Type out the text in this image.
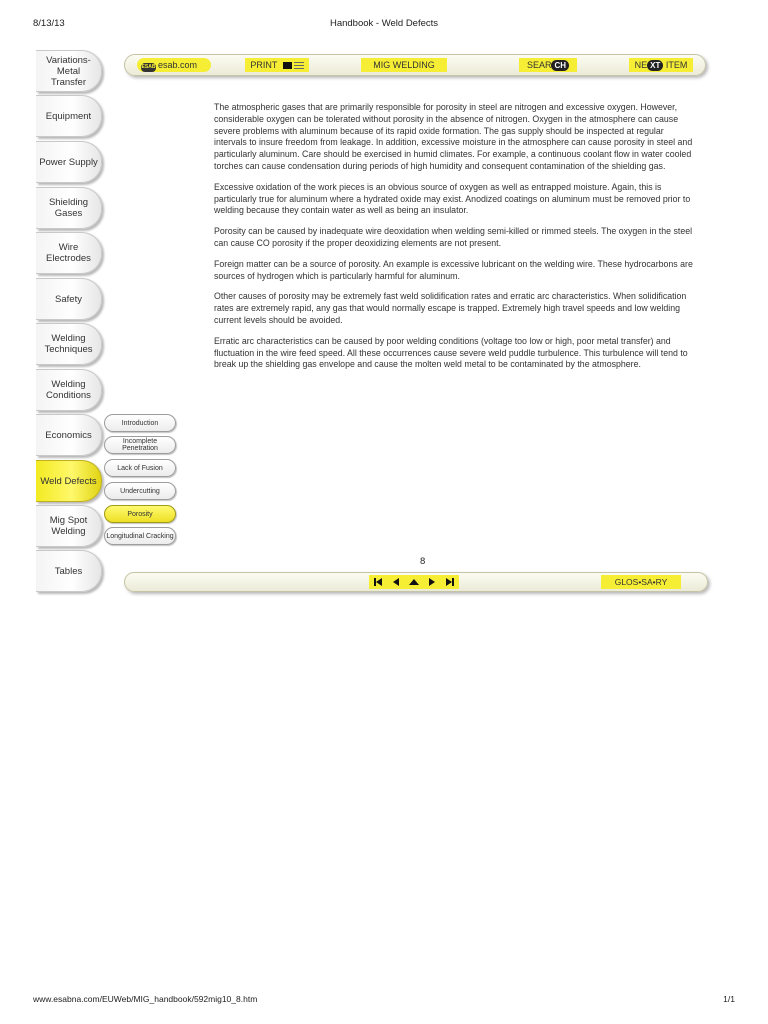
8/13/13	Handbook - Weld Defects
Variations- Metal Transfer
Equipment
Power Supply
Shielding Gases
Wire Electrodes
Safety
Welding Techniques
Welding Conditions
Economics
Weld Defects
Mig Spot Welding
Tables
Introduction
Incomplete Penetration
Lack of Fusion
Undercutting
Porosity
Longitudinal Cracking
ESAB esab.com	PRINT	MIG WELDING	SEAR CH	NE XT ITEM

The atmospheric gases that are primarily responsible for porosity in steel are nitrogen and excessive oxygen. However, considerable oxygen can be tolerated without porosity in the absence of nitrogen. Oxygen in the atmosphere can cause severe problems with aluminum because of its rapid oxide formation. The gas supply should be inspected at regular intervals to insure freedom from leakage. In addition, excessive moisture in the atmosphere can cause porosity in steel and particularly aluminum. Care should be exercised in humid climates. For example, a continuous coolant flow in water cooled torches can cause condensation during periods of high humidity and consequent contamination of the shielding gas.

Excessive oxidation of the work pieces is an obvious source of oxygen as well as entrapped moisture. Again, this is particularly true for aluminum where a hydrated oxide may exist. Anodized coatings on aluminum must be removed prior to welding because they contain water as well as being an insulator.

Porosity can be caused by inadequate wire deoxidation when welding semi-killed or rimmed steels. The oxygen in the steel can cause CO porosity if the proper deoxidizing elements are not present.

Foreign matter can be a source of porosity. An example is excessive lubricant on the welding wire. These hydrocarbons are sources of hydrogen which is particularly harmful for aluminum.

Other causes of porosity may be extremely fast weld solidification rates and erratic arc characteristics. When solidification rates are extremely rapid, any gas that would normally escape is trapped. Extremely high travel speeds and low welding current levels should be avoided.

Erratic arc characteristics can be caused by poor welding conditions (voltage too low or high, poor metal transfer) and fluctuation in the wire feed speed. All these occurrences cause severe weld puddle turbulence. This turbulence will tend to break up the shielding gas envelope and cause the molten weld metal to be contaminated by the atmosphere.

8
GLOS•SA•RY
www.esabna.com/EUWeb/MIG_handbook/592mig10_8.htm	1/1
